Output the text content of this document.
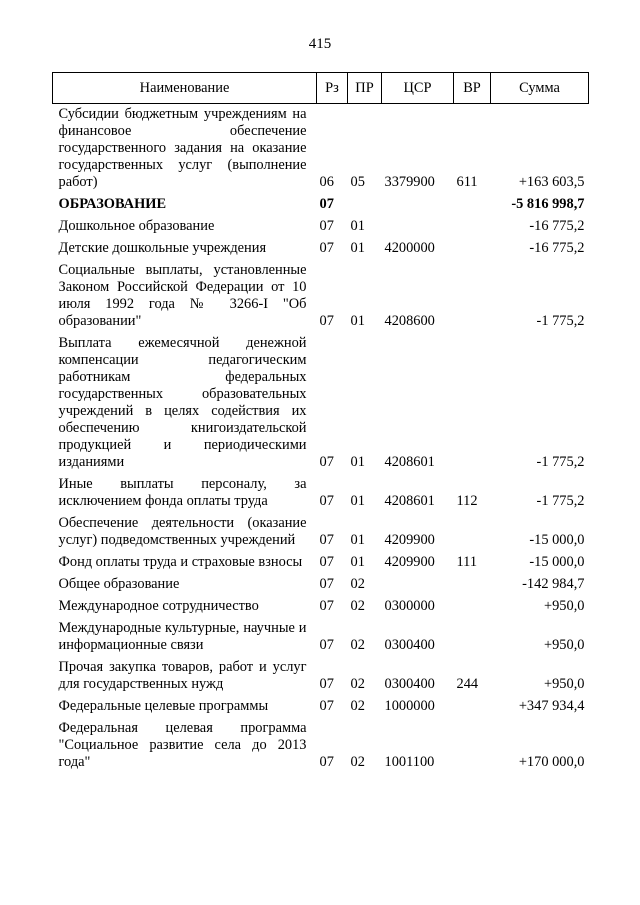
415
Наименование	Рз	ПР	ЦСР	ВР	Сумма
Субсидии бюджетным учреждениям на финансовое обеспечение государственного задания на оказание государственных услуг (выполнение работ)	06	05	3379900	611	+163 603,5
ОБРАЗОВАНИЕ	07				-5 816 998,7
Дошкольное образование	07	01			-16 775,2
Детские дошкольные учреждения	07	01	4200000		-16 775,2
Социальные выплаты, установленные Законом Российской Федерации от 10 июля 1992 года № 3266-I "Об образовании"	07	01	4208600		-1 775,2
Выплата ежемесячной денежной компенсации педагогическим работникам федеральных государственных образовательных учреждений в целях содействия их обеспечению книгоиздательской продукцией и периодическими изданиями	07	01	4208601		-1 775,2
Иные выплаты персоналу, за исключением фонда оплаты труда	07	01	4208601	112	-1 775,2
Обеспечение деятельности (оказание услуг) подведомственных учреждений	07	01	4209900		-15 000,0
Фонд оплаты труда и страховые взносы	07	01	4209900	111	-15 000,0
Общее образование	07	02			-142 984,7
Международное сотрудничество	07	02	0300000		+950,0
Международные культурные, научные и информационные связи	07	02	0300400		+950,0
Прочая закупка товаров, работ и услуг для государственных нужд	07	02	0300400	244	+950,0
Федеральные целевые программы	07	02	1000000		+347 934,4
Федеральная целевая программа "Социальное развитие села до 2013 года"	07	02	1001100		+170 000,0
